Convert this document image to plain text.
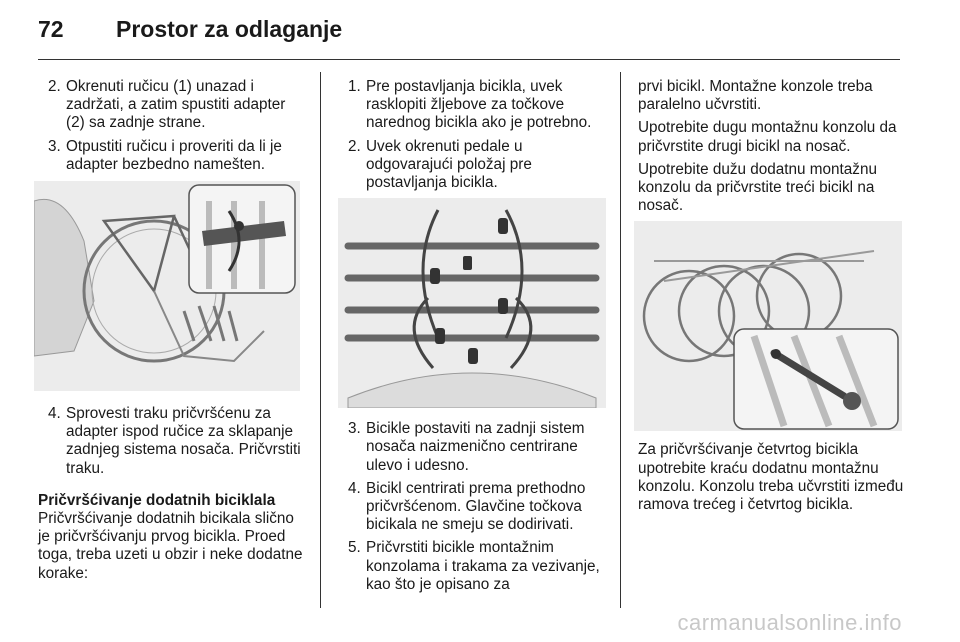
72 Prostor za odlaganje
2. Okrenuti ručicu (1) unazad i zadržati, a zatim spustiti adapter (2) sa zadnje strane.
3. Otpustiti ručicu i proveriti da li je adapter bezbedno namešten.
4. Sprovesti traku pričvršćenu za adapter ispod ručice za sklapanje zadnjeg sistema nosača. Pričvrstiti traku.

Pričvršćivanje dodatnih biciklala

Pričvršćivanje dodatnih bicikala slično je pričvršćivanju prvog bicikla. Proed toga, treba uzeti u obzir i neke dodatne korake:

1. Pre postavljanja bicikla, uvek rasklopiti žljebove za točkove narednog bicikla ako je potrebno.
2. Uvek okrenuti pedale u odgovarajući položaj pre postavljanja bicikla.
3. Bicikle postaviti na zadnji sistem nosača naizmenično centrirane ulevo i udesno.
4. Bicikl centrirati prema prethodno pričvršćenom. Glavčine točkova bicikala ne smeju se dodirivati.
5. Pričvrstiti bicikle montažnim konzolama i trakama za vezivanje, kao što je opisano za

prvi bicikl. Montažne konzole treba paralelno učvrstiti.

Upotrebite dugu montažnu konzolu da pričvrstite drugi bicikl na nosač.

Upotrebite dužu dodatnu montažnu konzolu da pričvrstite treći bicikl na nosač.

Za pričvršćivanje četvrtog bicikla upotrebite kraću dodatnu montažnu konzolu. Konzolu treba učvrstiti između ramova trećeg i četvrtog bicikla.

carmanualsonline.info
